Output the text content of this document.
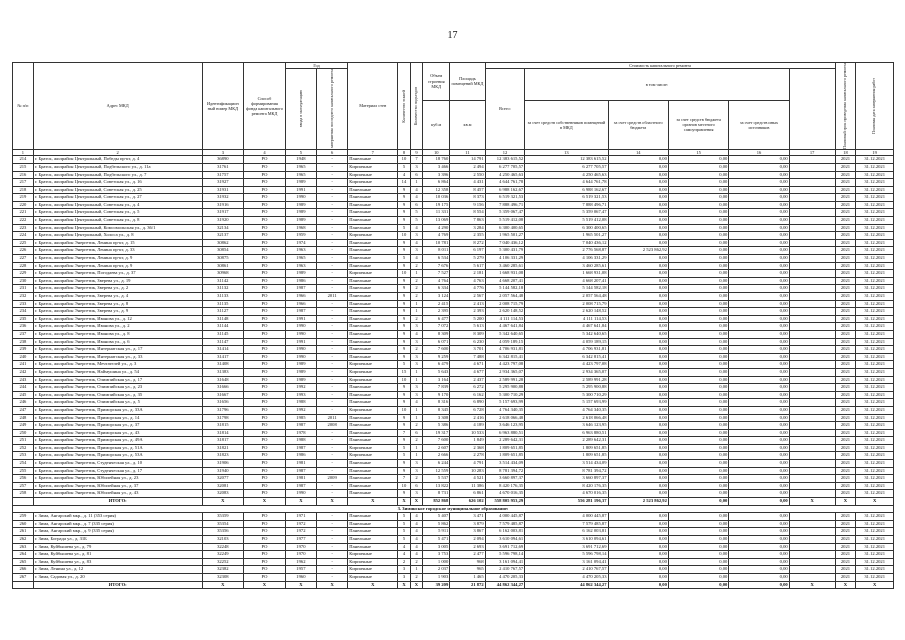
17
№ п/п	Адрес МКД	Идентификацион ный номер МКД	Способ формирования фонда капитального ремонта МКД	Год		Материал стен	Количество этажей	Количество подъездов	Объем строения МКД	Площадь помещений МКД	Стоимость капитального ремонта						Плановый срок проведения капитального ремонта	Плановая дата завершения работ

				ввода в эксплуатацию	завершения последнего капитального ремонта						Всего:	в том числе:						
									куб.м	кв.м		за счет средств собственников помещений в МКД	за счет средств областного бюджета	за счет средств бюджета органов местного самоуправления	за счет средств иных источников			
1	2	3	4	5	6	7	8	9	10	11	12	13	14	15	16	17	18	19
214	г. Братск, жилрайон Центральный, Победы пр-кт, д. 4	36890	РО	1948	-	Панельные	10	7	18 760	14 791	12 383 615,52	12 383 615,52	0,00	0,00	0,00		2021	31.12.2021
215	г. Братск, жилрайон Центральный, Подбельского ул., д. 11а	31761	РО	1965	-	Кирпичные	5	3	3 466	2 494	6 277 705,57	6 277 705,57	0,00	0,00	0,00		2021	31.12.2021
216	г. Братск, жилрайон Центральный, Подбельского ул., д. 7	31757	РО	1965	-	Кирпичные	4	6	3 396	2 550	4 250 465,63	4 250 465,63	0,00	0,00	0,00		2021	31.12.2021
217	г. Братск, жилрайон Центральный, Советская ул., д. 16	31927	РО	1989	-	Кирпичные	14	1	6 864	4 431	4 644 761,78	4 644 761,78	0,00	0,00	0,00		2021	31.12.2021
218	г. Братск, жилрайон Центральный, Советская ул., д. 25	31931	РО	1991	-	Панельные	9	4	12 358	8 457	6 988 162,67	6 988 162,67	0,00	0,00	0,00		2021	31.12.2021
219	г. Братск, жилрайон Центральный, Советская ул., д. 27	31932	РО	1990	-	Панельные	9	4	10 036	8 373	6 519 321,53	6 519 321,53	0,00	0,00	0,00		2021	31.12.2021
220	г. Братск, жилрайон Центральный, Советская ул., д. 4	31916	РО	1989	-	Панельные	9	6	19 175	9 156	7 888 496,71	7 888 496,71	0,00	0,00	0,00		2021	31.12.2021
221	г. Братск, жилрайон Центральный, Советская ул., д. 5	31917	РО	1989	-	Панельные	9	5	11 331	8 554	5 359 067,47	5 359 067,47	0,00	0,00	0,00		2021	31.12.2021
222	г. Братск, жилрайон Центральный, Советская ул., д. 8	31920	РО	1989	-	Панельные	9	5	13 069	7 863	5 519 412,08	5 519 412,08	0,00	0,00	0,00		2021	31.12.2021
223	г. Братск, жилрайон Центральный, Комсомольская ул., д. 36/1	32134	РО	1968	-	Панельные	5	4	4 290	3 284	6 300 400,65	6 300 400,65	0,00	0,00	0,00		2021	31.12.2021
224	г. Братск, жилрайон Центральный, Холоса ул., д. 8	32137	РО	1959	-	Кирпичные	10	3	4 769	2 355	1 965 501,27	1 965 501,27	0,00	0,00	0,00		2021	31.12.2021
225	г. Братск, жилрайон Энергетик, Ленина пр-кт, д. 15	30862	РО	1974	-	Панельные	9	4	10 781	8 272	7 040 436,12	7 040 436,12	0,00	0,00	0,00		2021	31.12.2021
226	г. Братск, жилрайон Энергетик, Ленина пр-кт, д. 33	30854	РО	1963	-	Панельные	9	3	8 011	6 197	5 300 431,79	2 776 568,87	2 523 862,92	0,00	0,00		2021	31.12.2021
227	г. Братск, жилрайон Энергетик, Ленина пр-кт, д. 9	30875	РО	1965	-	Панельные	5	4	6 534	5 279	4 106 331,29	4 106 331,29	0,00	0,00	0,00		2021	31.12.2021
228	г. Братск, жилрайон Энергетик, Ленина пр-кт, д. 9	30861	РО	1963	-	Панельные	9	2	7 676	5 617	3 460 285,61	3 460 285,61	0,00	0,00	0,00		2021	31.12.2021
229	г. Братск, жилрайон Энергетик, Погодаева ул., д. 37	30968	РО	1989	-	Кирпичные	10	1	7 527	2 181	1 668 931,08	1 668 931,08	0,00	0,00	0,00		2021	31.12.2021
230	г. Братск, жилрайон Энергетик, Зверева ул., д. 19	31142	РО	1986	-	Панельные	9	2	4 764	4 763	4 668 207,41	4 668 207,41	0,00	0,00	0,00		2021	31.12.2021
231	г. Братск, жилрайон Энергетик, Зверева ул., д. 2	31132	РО	1987	-	Панельные	9	2	6 334	4 776	5 144 582,18	5 144 582,18	0,00	0,00	0,00		2021	31.12.2021
232	г. Братск, жилрайон Энергетик, Зверева ул., д. 4	31133	РО	1966	2011	Панельные	9	2	3 124	2 567	2 057 564,48	2 057 564,48	0,00	0,00	0,00		2021	31.12.2021
233	г. Братск, жилрайон Энергетик, Зверева ул., д. 8	31135	РО	1966	-	Панельные	9	1	2 415	2 413	2 008 715,79	2 008 715,79	0,00	0,00	0,00		2021	31.12.2021
234	г. Братск, жилрайон Энергетик, Зверева ул., д. 9	31127	РО	1987	-	Панельные	9	1	2 395	2 393	2 620 148,52	2 620 148,52	0,00	0,00	0,00		2021	31.12.2021
235	г. Братск, жилрайон Энергетик, Иванова ул., д. 12	31148	РО	1991	-	Панельные	9	2	6 477	5 200	4 111 114,53	4 111 114,53	0,00	0,00	0,00		2021	31.12.2021
236	г. Братск, жилрайон Энергетик, Иванова ул., д. 2	31144	РО	1990	-	Панельные	9	3	7 072	5 613	4 467 641,84	4 467 641,84	0,00	0,00	0,00		2021	31.12.2021
237	г. Братск, жилрайон Энергетик, Иванова ул., д. 8	31145	РО	1990	-	Панельные	9	4	8 309	8 309	5 342 640,65	5 342 640,65	0,00	0,00	0,00		2021	31.12.2021
238	г. Братск, жилрайон Энергетик, Иванова ул., д. 6	31147	РО	1991	-	Панельные	9	3	6 071	6 230	4 059 189,15	4 059 189,15	0,00	0,00	0,00		2021	31.12.2021
239	г. Братск, жилрайон Энергетик, Интернатская ул., д. 17	31414	РО	1990	-	Панельные	9	2	7 600	3 701	4 706 931,81	4 706 931,81	0,00	0,00	0,00		2021	31.12.2021
240	г. Братск, жилрайон Энергетик, Интернатская ул., д. 33	31417	РО	1990	-	Панельные	9	3	9 259	7 488	6 342 815,41	6 342 815,41	0,00	0,00	0,00		2021	31.12.2021
241	г. Братск, жилрайон Энергетик, Мечтателей ул., д. 3	31408	РО	1989	-	Кирпичные	5	3	6 479	4 671	4 423 797,08	4 423 797,08	0,00	0,00	0,00		2021	31.12.2021
242	г. Братск, жилрайон Энергетик, Наймушина ул., д. 54	31383	РО	1989	-	Кирпичные	15	1	5 643	4 677	2 934 365,07	2 934 365,07	0,00	0,00	0,00		2021	31.12.2021
243	г. Братск, жилрайон Энергетик, Олимпийская ул., д. 17	31648	РО	1989	-	Кирпичные	10	1	3 164	2 437	2 589 991,28	2 589 991,28	0,00	0,00	0,00		2021	31.12.2021
244	г. Братск, жилрайон Энергетик, Олимпийская ул., д. 23	31666	РО	1992	-	Панельные	9	3	7 839	6 272	5 295 900,88	5 295 900,88	0,00	0,00	0,00		2021	31.12.2021
245	г. Братск, жилрайон Энергетик, Олимпийская ул., д. 35	31667	РО	1993	-	Панельные	9	3	9 170	6 162	5 300 710,29	5 300 710,29	0,00	0,00	0,00		2021	31.12.2021
246	г. Братск, жилрайон Энергетик, Олимпийская ул., д. 5	31656	РО	1988	-	Панельные	9	4	8 316	6 890	5 157 693,99	5 157 693,99	0,00	0,00	0,00		2021	31.12.2021
247	г. Братск, жилрайон Энергетик, Приморская ул., д. 33А	31796	РО	1992	-	Кирпичные	10	1	8 345	6 728	4 764 340,35	4 764 340,35	0,00	0,00	0,00		2021	31.12.2021
248	г. Братск, жилрайон Энергетик, Приморская ул., д. 14	31798	РО	1985	2011	Панельные	9	1	3 308	2 416	2 618 066,48	2 618 066,48	0,00	0,00	0,00		2021	31.12.2021
249	г. Братск, жилрайон Энергетик, Приморская ул., д. 37	31815	РО	1987	2008	Панельные	9	2	5 386	4 189	3 646 123,95	3 646 123,95	0,00	0,00	0,00		2021	31.12.2021
250	г. Братск, жилрайон Энергетик, Приморская ул., д. 43	31814	РО	1978	-	Панельные	7	6	19 317	10 533	6 963 880,51	6 963 880,51	0,00	0,00	0,00		2021	31.12.2021
251	г. Братск, жилрайон Энергетик, Приморская ул., д. 49А	31817	РО	1988	-	Панельные	9	2	7 600	1 849	2 289 642,31	2 289 642,31	0,00	0,00	0,00		2021	31.12.2021
252	г. Братск, жилрайон Энергетик, Приморская ул., д. 51А	31821	РО	1987	-	Кирпичные	5	1	2 607	2 368	1 809 651,85	1 809 651,85	0,00	0,00	0,00		2021	31.12.2021
253	г. Братск, жилрайон Энергетик, Приморская ул., д. 53А	31823	РО	1986	-	Кирпичные	5	1	2 666	2 278	1 809 651,85	1 809 651,85	0,00	0,00	0,00		2021	31.12.2021
254	г. Братск, жилрайон Энергетик, Студенческая ул., д. 10	31906	РО	1981	-	Панельные	9	3	6 244	4 791	3 514 434,09	3 514 434,09	0,00	0,00	0,00		2021	31.12.2021
255	г. Братск, жилрайон Энергетик, Студенческая ул., д. 17	31940	РО	1987	-	Панельные	9	3	12 559	10 283	8 781 394,72	8 781 394,72	0,00	0,00	0,00		2021	31.12.2021
256	г. Братск, жилрайон Энергетик, Юбилейная ул., д. 23	32077	РО	1981	2009	Панельные	7	2	5 537	4 521	3 660 897,37	3 660 897,37	0,00	0,00	0,00		2021	31.12.2021
257	г. Братск, жилрайон Энергетик, Юбилейная ул., д. 37	32081	РО	1987	-	Панельные	10	6	13 822	11 386	8 420 176,35	8 420 176,35	0,00	0,00	0,00		2021	31.12.2021
258	г. Братск, жилрайон Энергетик, Юбилейная ул., д. 43	32083	РО	1990	-	Панельные	9	3	8 731	6 861	4 670 016,35	4 670 016,35	0,00	0,00	0,00		2021	31.12.2021
	ИТОГО:	X	X	X	X	X	X	X	852 868	626 102	558 805 953,29	556 281 196,37	2 523 862,92	0,00	0,00	X	X	X
3. Зиминское городское муниципальное образование:																		
259	г. Зима, Ангарский мкр., д. 11 (353 серия)	35359	РО	1971	-	Панельные	5	4	5 407	3 471	4 000 445,87	4 000 445,87	0,00	0,00	0,00		2021	31.12.2021
260	г. Зима, Ангарский мкр., д. 7 (335 серия)	35354	РО	1972	-	Панельные	5	4	5 862	3 879	7 579 485,87	7 579 485,87	0,00	0,00	0,00		2021	31.12.2021
261	г. Зима, Ангарский мкр., д. 9 (335 серия)	35356	РО	1972	-	Панельные	5	4	5 911	3 867	6 162 003,81	6 162 003,81	0,00	0,00	0,00		2021	31.12.2021
262	г. Зима, Бограда ул., д. 31Б	32103	РО	1977	-	Панельные	5	4	5 471	2 094	3 610 094,61	3 610 094,61	0,00	0,00	0,00		2021	31.12.2021
263	г. Зима, Куйбышева ул., д. 79	32248	РО	1970	-	Панельные	4	4	3 005	2 693	3 691 712,69	3 691 712,69	0,00	0,00	0,00		2021	31.12.2021
264	г. Зима, Куйбышева ул., д. 81	32249	РО	1970	-	Кирпичные	4	4	3 753	2 477	5 596 798,14	5 596 798,14	0,00	0,00	0,00		2021	31.12.2021
265	г. Зима, Куйбышева ул., д. 83	32252	РО	1962	-	Кирпичные	2	2	1 000	968	3 161 094,41	3 161 094,41	0,00	0,00	0,00		2021	31.12.2021
266	г. Зима, Ленина ул., д. 12	32382	РО	1957	-	Кирпичные	3	1	2 037	965	2 410 767,57	2 410 767,57	0,00	0,00	0,00		2021	31.12.2021
267	г. Зима, Садовая ул., д. 20	32308	РО	1960	-	Кирпичные	3	2	1 903	1 465	4 470 205,33	4 470 205,33	0,00	0,00	0,00		2021	31.12.2021
	ИТОГО:	X	X	X	X	X	X	X	39 209	21 872	44 862 344,27	44 862 344,27	0,00	0,00	0,00	X	X	X
